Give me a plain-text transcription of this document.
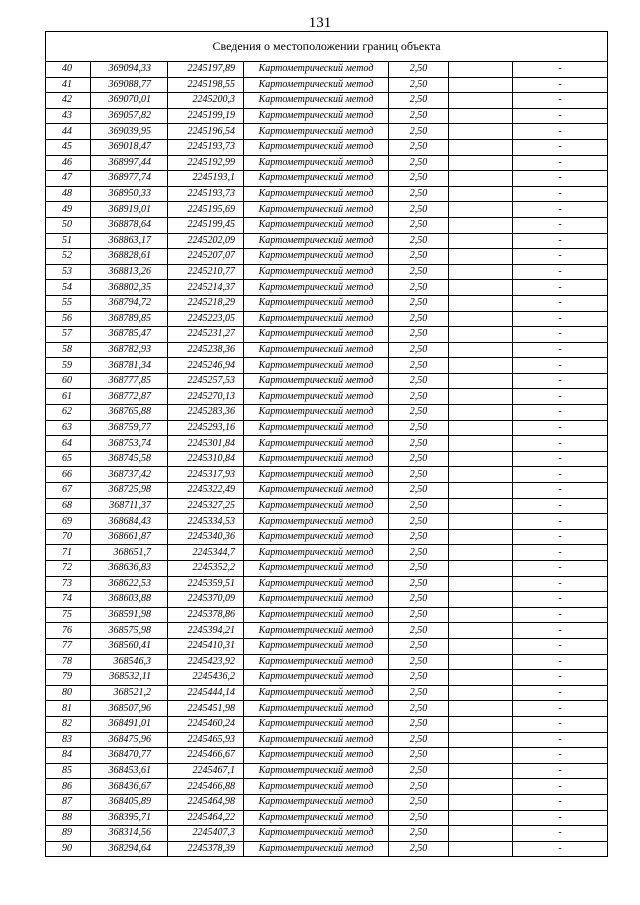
131
Сведения о местоположении границ объекта						
40	369094,33	2245197,89	Картометрический метод	2,50		-
41	369088,77	2245198,55	Картометрический метод	2,50		-
42	369070,01	2245200,3	Картометрический метод	2,50		-
43	369057,82	2245199,19	Картометрический метод	2,50		-
44	369039,95	2245196,54	Картометрический метод	2,50		-
45	369018,47	2245193,73	Картометрический метод	2,50		-
46	368997,44	2245192,99	Картометрический метод	2,50		-
47	368977,74	2245193,1	Картометрический метод	2,50		-
48	368950,33	2245193,73	Картометрический метод	2,50		-
49	368919,01	2245195,69	Картометрический метод	2,50		-
50	368878,64	2245199,45	Картометрический метод	2,50		-
51	368863,17	2245202,09	Картометрический метод	2,50		-
52	368828,61	2245207,07	Картометрический метод	2,50		-
53	368813,26	2245210,77	Картометрический метод	2,50		-
54	368802,35	2245214,37	Картометрический метод	2,50		-
55	368794,72	2245218,29	Картометрический метод	2,50		-
56	368789,85	2245223,05	Картометрический метод	2,50		-
57	368785,47	2245231,27	Картометрический метод	2,50		-
58	368782,93	2245238,36	Картометрический метод	2,50		-
59	368781,34	2245246,94	Картометрический метод	2,50		-
60	368777,85	2245257,53	Картометрический метод	2,50		-
61	368772,87	2245270,13	Картометрический метод	2,50		-
62	368765,88	2245283,36	Картометрический метод	2,50		-
63	368759,77	2245293,16	Картометрический метод	2,50		-
64	368753,74	2245301,84	Картометрический метод	2,50		-
65	368745,58	2245310,84	Картометрический метод	2,50		-
66	368737,42	2245317,93	Картометрический метод	2,50		-
67	368725,98	2245322,49	Картометрический метод	2,50		-
68	368711,37	2245327,25	Картометрический метод	2,50		-
69	368684,43	2245334,53	Картометрический метод	2,50		-
70	368661,87	2245340,36	Картометрический метод	2,50		-
71	368651,7	2245344,7	Картометрический метод	2,50		-
72	368636,83	2245352,2	Картометрический метод	2,50		-
73	368622,53	2245359,51	Картометрический метод	2,50		-
74	368603,88	2245370,09	Картометрический метод	2,50		-
75	368591,98	2245378,86	Картометрический метод	2,50		-
76	368575,98	2245394,21	Картометрический метод	2,50		-
77	368560,41	2245410,31	Картометрический метод	2,50		-
78	368546,3	2245423,92	Картометрический метод	2,50		-
79	368532,11	2245436,2	Картометрический метод	2,50		-
80	368521,2	2245444,14	Картометрический метод	2,50		-
81	368507,96	2245451,98	Картометрический метод	2,50		-
82	368491,01	2245460,24	Картометрический метод	2,50		-
83	368475,96	2245465,93	Картометрический метод	2,50		-
84	368470,77	2245466,67	Картометрический метод	2,50		-
85	368453,61	2245467,1	Картометрический метод	2,50		-
86	368436,67	2245466,88	Картометрический метод	2,50		-
87	368405,89	2245464,98	Картометрический метод	2,50		-
88	368395,71	2245464,22	Картометрический метод	2,50		-
89	368314,56	2245407,3	Картометрический метод	2,50		-
90	368294,64	2245378,39	Картометрический метод	2,50		-
